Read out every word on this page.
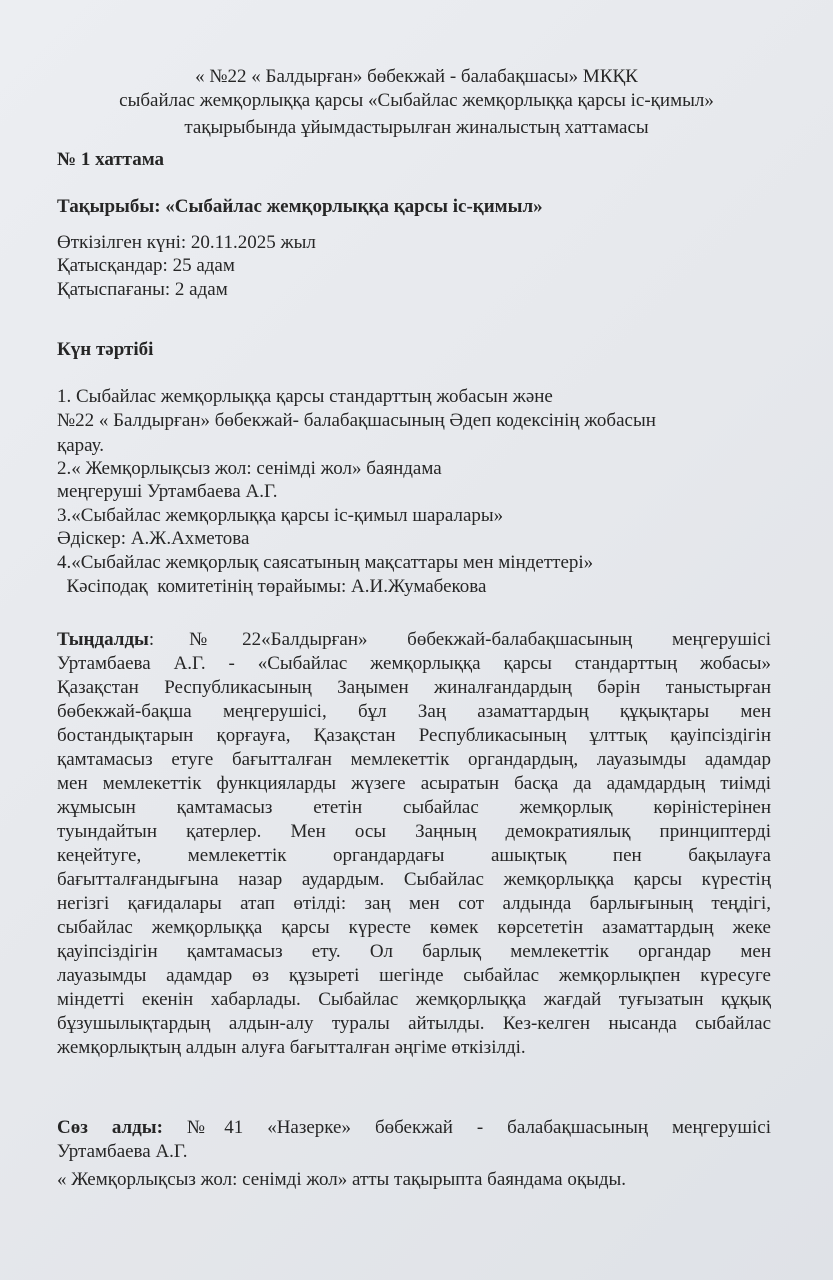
« №22 « Балдырған» бөбекжай - балабақшасы» МКҚК
сыбайлас жемқорлыққа қарсы «Сыбайлас жемқорлыққа қарсы іс-қимыл»
тақырыбында ұйымдастырылған жиналыстың хаттамасы
№ 1 хаттама
Тақырыбы: «Сыбайлас жемқорлыққа қарсы іс-қимыл»
Өткізілген күні: 20.11.2025 жыл
Қатысқандар: 25 адам
Қатыспағаны: 2 адам
Күн тәртібі
1. Сыбайлас жемқорлыққа қарсы стандарттың жобасын және
№22 « Балдырған» бөбекжай- балабақшасының Әдеп кодексінің жобасын
қарау.
2.« Жемқорлықсыз жол: сенімді жол» баяндама
меңгеруші Уртамбаева А.Г.
3.«Сыбайлас жемқорлыққа қарсы іс-қимыл шаралары»
Әдіскер: А.Ж.Ахметова
4.«Сыбайлас жемқорлық саясатының мақсаттары мен міндеттері»
Кәсіподақ  комитетінің төрайымы: А.И.Жумабекова
Тыңдалды:№22«Балдырған» бөбекжай-балабақшасының меңгерушісі
Уртамбаева А.Г. - «Сыбайлас жемқорлыққа қарсы стандарттың жобасы»
Қазақстан Республикасының Заңымен жиналғандардың бәрін таныстырған
бөбекжай-бақша меңгерушісі, бұл Заң азаматтардың құқықтары мен
бостандықтарын қорғауға, Қазақстан Республикасының ұлттық қауіпсіздігін
қамтамасыз етуге бағытталған мемлекеттік органдардың, лауазымды адамдар
мен мемлекеттік функцияларды жүзеге асыратын басқа да адамдардың тиімді
жұмысын қамтамасыз ететін сыбайлас жемқорлық көріністерінен
туындайтын қатерлер. Мен осы Заңның демократиялық принциптерді
кеңейтуге, мемлекеттік органдардағы ашықтық пен бақылауға
бағытталғандығына назар аудардым. Сыбайлас жемқорлыққа қарсы күрестің
негізгі қағидалары атап өтілді: заң мен сот алдында барлығының теңдігі,
сыбайлас жемқорлыққа қарсы күресте көмек көрсететін азаматтардың жеке
қауіпсіздігін қамтамасыз ету. Ол барлық мемлекеттік органдар мен
лауазымды адамдар өз құзыреті шегінде сыбайлас жемқорлықпен күресуге
міндетті екенін хабарлады. Сыбайлас жемқорлыққа жағдай туғызатын құқық
бұзушылықтардың алдын-алу туралы айтылды. Кез-келген нысанда сыбайлас
жемқорлықтың алдын алуға бағытталған әңгіме өткізілді.
Сөз алды: №41 «Назерке» бөбекжай - балабақшасының меңгерушісі
Уртамбаева А.Г.
« Жемқорлықсыз жол: сенімді жол» атты тақырыпта баяндама оқыды.
